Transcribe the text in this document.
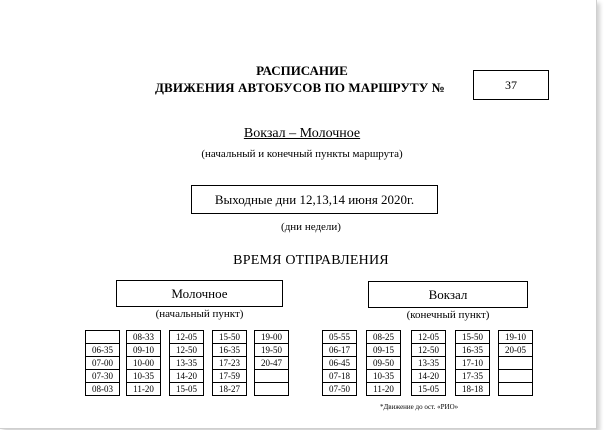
РАСПИСАНИЕ
ДВИЖЕНИЯ АВТОБУСОВ ПО МАРШРУТУ №	37
Вокзал – Молочное
(начальный и конечный пункты маршрута)
Выходные дни 12,13,14 июня 2020г.
(дни недели)
ВРЕМЯ ОТПРАВЛЕНИЯ
Молочное
(начальный пункт)
Вокзал
(конечный пункт)
06-35
07-00
07-30
08-03
08-33
09-10
10-00
10-35
11-20
12-05
12-50
13-35
14-20
15-05
15-50
16-35
17-23
17-59
18-27
19-00
19-50
20-47
05-55
06-17
06-45
07-18
07-50
08-25
09-15
09-50
10-35
11-20
12-05
12-50
13-35
14-20
15-05
15-50
16-35
17-10
17-35
18-18
19-10
20-05
*Движение до ост. «РИО»
